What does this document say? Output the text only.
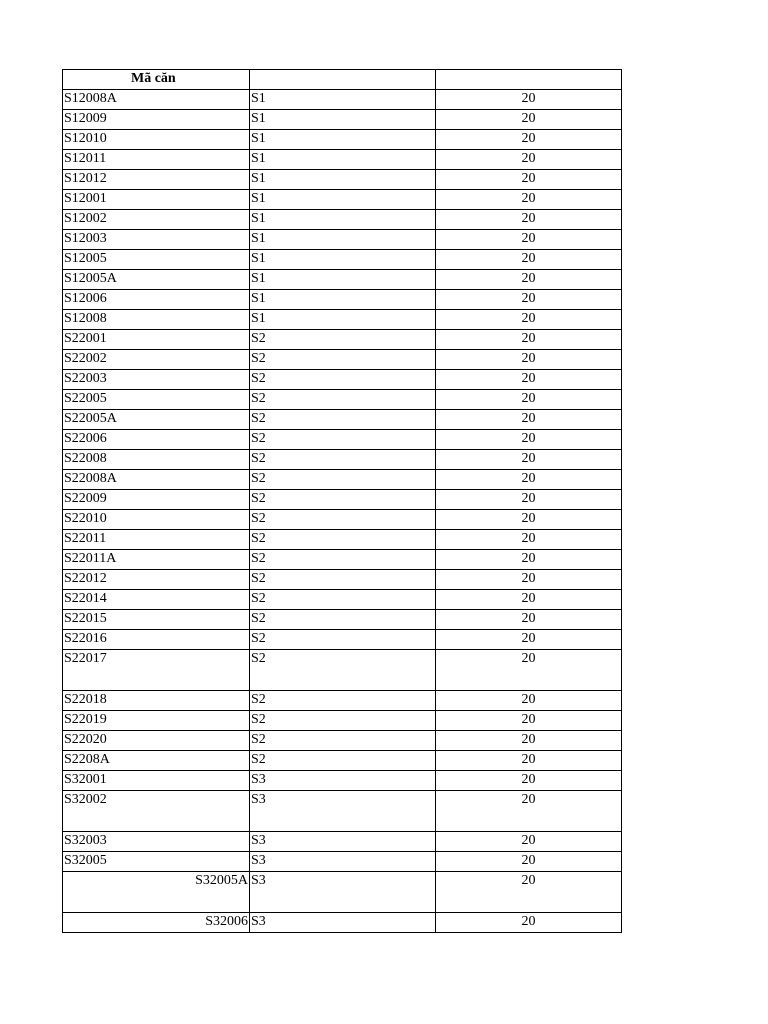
Mã căn		
S12008A	S1	20
S12009	S1	20
S12010	S1	20
S12011	S1	20
S12012	S1	20
S12001	S1	20
S12002	S1	20
S12003	S1	20
S12005	S1	20
S12005A	S1	20
S12006	S1	20
S12008	S1	20
S22001	S2	20
S22002	S2	20
S22003	S2	20
S22005	S2	20
S22005A	S2	20
S22006	S2	20
S22008	S2	20
S22008A	S2	20
S22009	S2	20
S22010	S2	20
S22011	S2	20
S22011A	S2	20
S22012	S2	20
S22014	S2	20
S22015	S2	20
S22016	S2	20
S22017	S2	20
S22018	S2	20
S22019	S2	20
S22020	S2	20
S2208A	S2	20
S32001	S3	20
S32002	S3	20
S32003	S3	20
S32005	S3	20
S32005A	S3	20
S32006	S3	20
